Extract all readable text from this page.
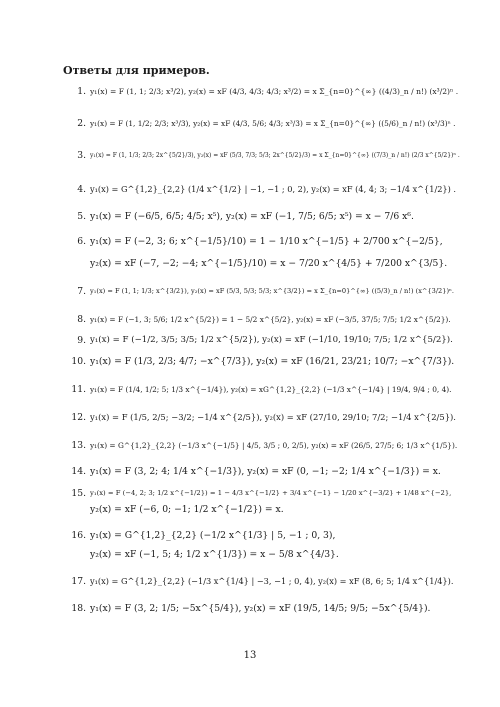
Ответы для примеров.
1. y₁(x) = F (1, 1; 2/3; x³/2), y₂(x) = xF (4/3, 4/3; 4/3; x³/2) = x Σ_{n=0}^{∞} ((4/3)_n / n!) (x³/2)ⁿ .
2. y₁(x) = F (1, 1/2; 2/3; x³/3), y₂(x) = xF (4/3, 5/6; 4/3; x³/3) = x Σ_{n=0}^{∞} ((5/6)_n / n!) (x³/3)ⁿ .
3. y₁(x) = F (1, 1/3; 2/3; 2x^{5/2}/3), y₂(x) = xF (5/3, 7/3; 5/3; 2x^{5/2}/3) = x Σ_{n=0}^{∞} ((7/3)_n / n!) (2/3 x^{5/2})ⁿ .
4. y₁(x) = G^{1,2}_{2,2} (1/4 x^{1/2} | −1, −1 ; 0, 2), y₂(x) = xF (4, 4; 3; −1/4 x^{1/2}) .
5. y₁(x) = F (−6/5, 6/5; 4/5; x⁵), y₂(x) = xF (−1, 7/5; 6/5; x⁵) = x − 7/6 x⁶.
6. y₁(x) = F (−2, 3; 6; x^{−1/5}/10) = 1 − 1/10 x^{−1/5} + 2/700 x^{−2/5},
y₂(x) = xF (−7, −2; −4; x^{−1/5}/10) = x − 7/20 x^{4/5} + 7/200 x^{3/5}.
7. y₁(x) = F (1, 1; 1/3; x^{3/2}), y₂(x) = xF (5/3, 5/3; 5/3; x^{3/2}) = x Σ_{n=0}^{∞} ((5/3)_n / n!) (x^{3/2})ⁿ.
8. y₁(x) = F (−1, 3; 5/6; 1/2 x^{5/2}) = 1 − 5/2 x^{5/2}, y₂(x) = xF (−3/5, 37/5; 7/5; 1/2 x^{5/2}).
9. y₁(x) = F (−1/2, 3/5; 3/5; 1/2 x^{5/2}), y₂(x) = xF (−1/10, 19/10; 7/5; 1/2 x^{5/2}).
10. y₁(x) = F (1/3, 2/3; 4/7; −x^{7/3}), y₂(x) = xF (16/21, 23/21; 10/7; −x^{7/3}).
11. y₁(x) = F (1/4, 1/2; 5; 1/3 x^{−1/4}), y₂(x) = xG^{1,2}_{2,2} (−1/3 x^{−1/4} | 19/4, 9/4 ; 0, 4).
12. y₁(x) = F (1/5, 2/5; −3/2; −1/4 x^{2/5}), y₂(x) = xF (27/10, 29/10; 7/2; −1/4 x^{2/5}).
13. y₁(x) = G^{1,2}_{2,2} (−1/3 x^{−1/5} | 4/5, 3/5 ; 0, 2/5), y₂(x) = xF (26/5, 27/5; 6; 1/3 x^{1/5}).
14. y₁(x) = F (3, 2; 4; 1/4 x^{−1/3}), y₂(x) = xF (0, −1; −2; 1/4 x^{−1/3}) = x.
15. y₁(x) = F (−4, 2; 3; 1/2 x^{−1/2}) = 1 − 4/3 x^{−1/2} + 3/4 x^{−1} − 1/20 x^{−3/2} + 1/48 x^{−2},
y₂(x) = xF (−6, 0; −1; 1/2 x^{−1/2}) = x.
16. y₁(x) = G^{1,2}_{2,2} (−1/2 x^{1/3} | 5, −1 ; 0, 3),
y₂(x) = xF (−1, 5; 4; 1/2 x^{1/3}) = x − 5/8 x^{4/3}.
17. y₁(x) = G^{1,2}_{2,2} (−1/3 x^{1/4} | −3, −1 ; 0, 4), y₂(x) = xF (8, 6; 5; 1/4 x^{1/4}).
18. y₁(x) = F (3, 2; 1/5; −5x^{5/4}), y₂(x) = xF (19/5, 14/5; 9/5; −5x^{5/4}).
13
